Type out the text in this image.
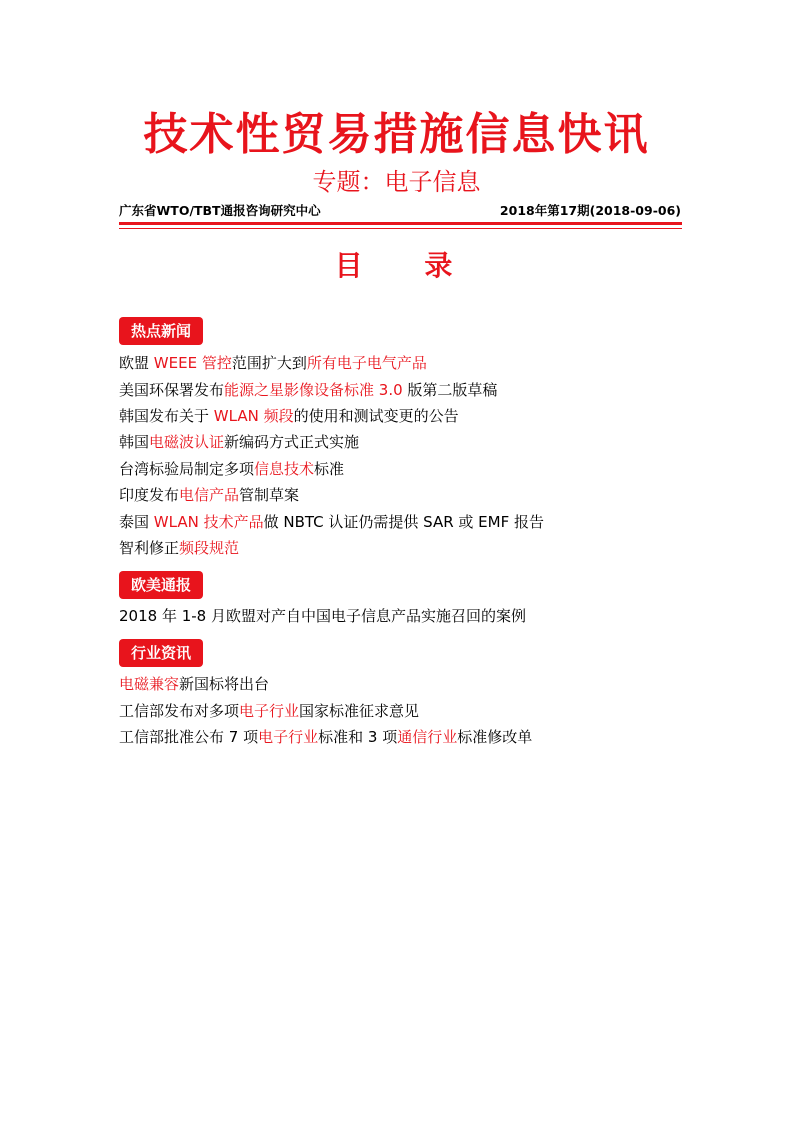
技术性贸易措施信息快讯
专题：电子信息
广东省WTO/TBT通报咨询研究中心	2018年第17期(2018-09-06)
目 录
热点新闻
欧盟 WEEE 管控范围扩大到所有电子电气产品
美国环保署发布能源之星影像设备标准 3.0 版第二版草稿
韩国发布关于 WLAN 频段的使用和测试变更的公告
韩国电磁波认证新编码方式正式实施
台湾标验局制定多项信息技术标准
印度发布电信产品管制草案
泰国 WLAN 技术产品做 NBTC 认证仍需提供 SAR 或 EMF 报告
智利修正频段规范
欧美通报
2018 年 1-8 月欧盟对产自中国电子信息产品实施召回的案例
行业资讯
电磁兼容新国标将出台
工信部发布对多项电子行业国家标准征求意见
工信部批准公布 7 项电子行业标准和 3 项通信行业标准修改单
